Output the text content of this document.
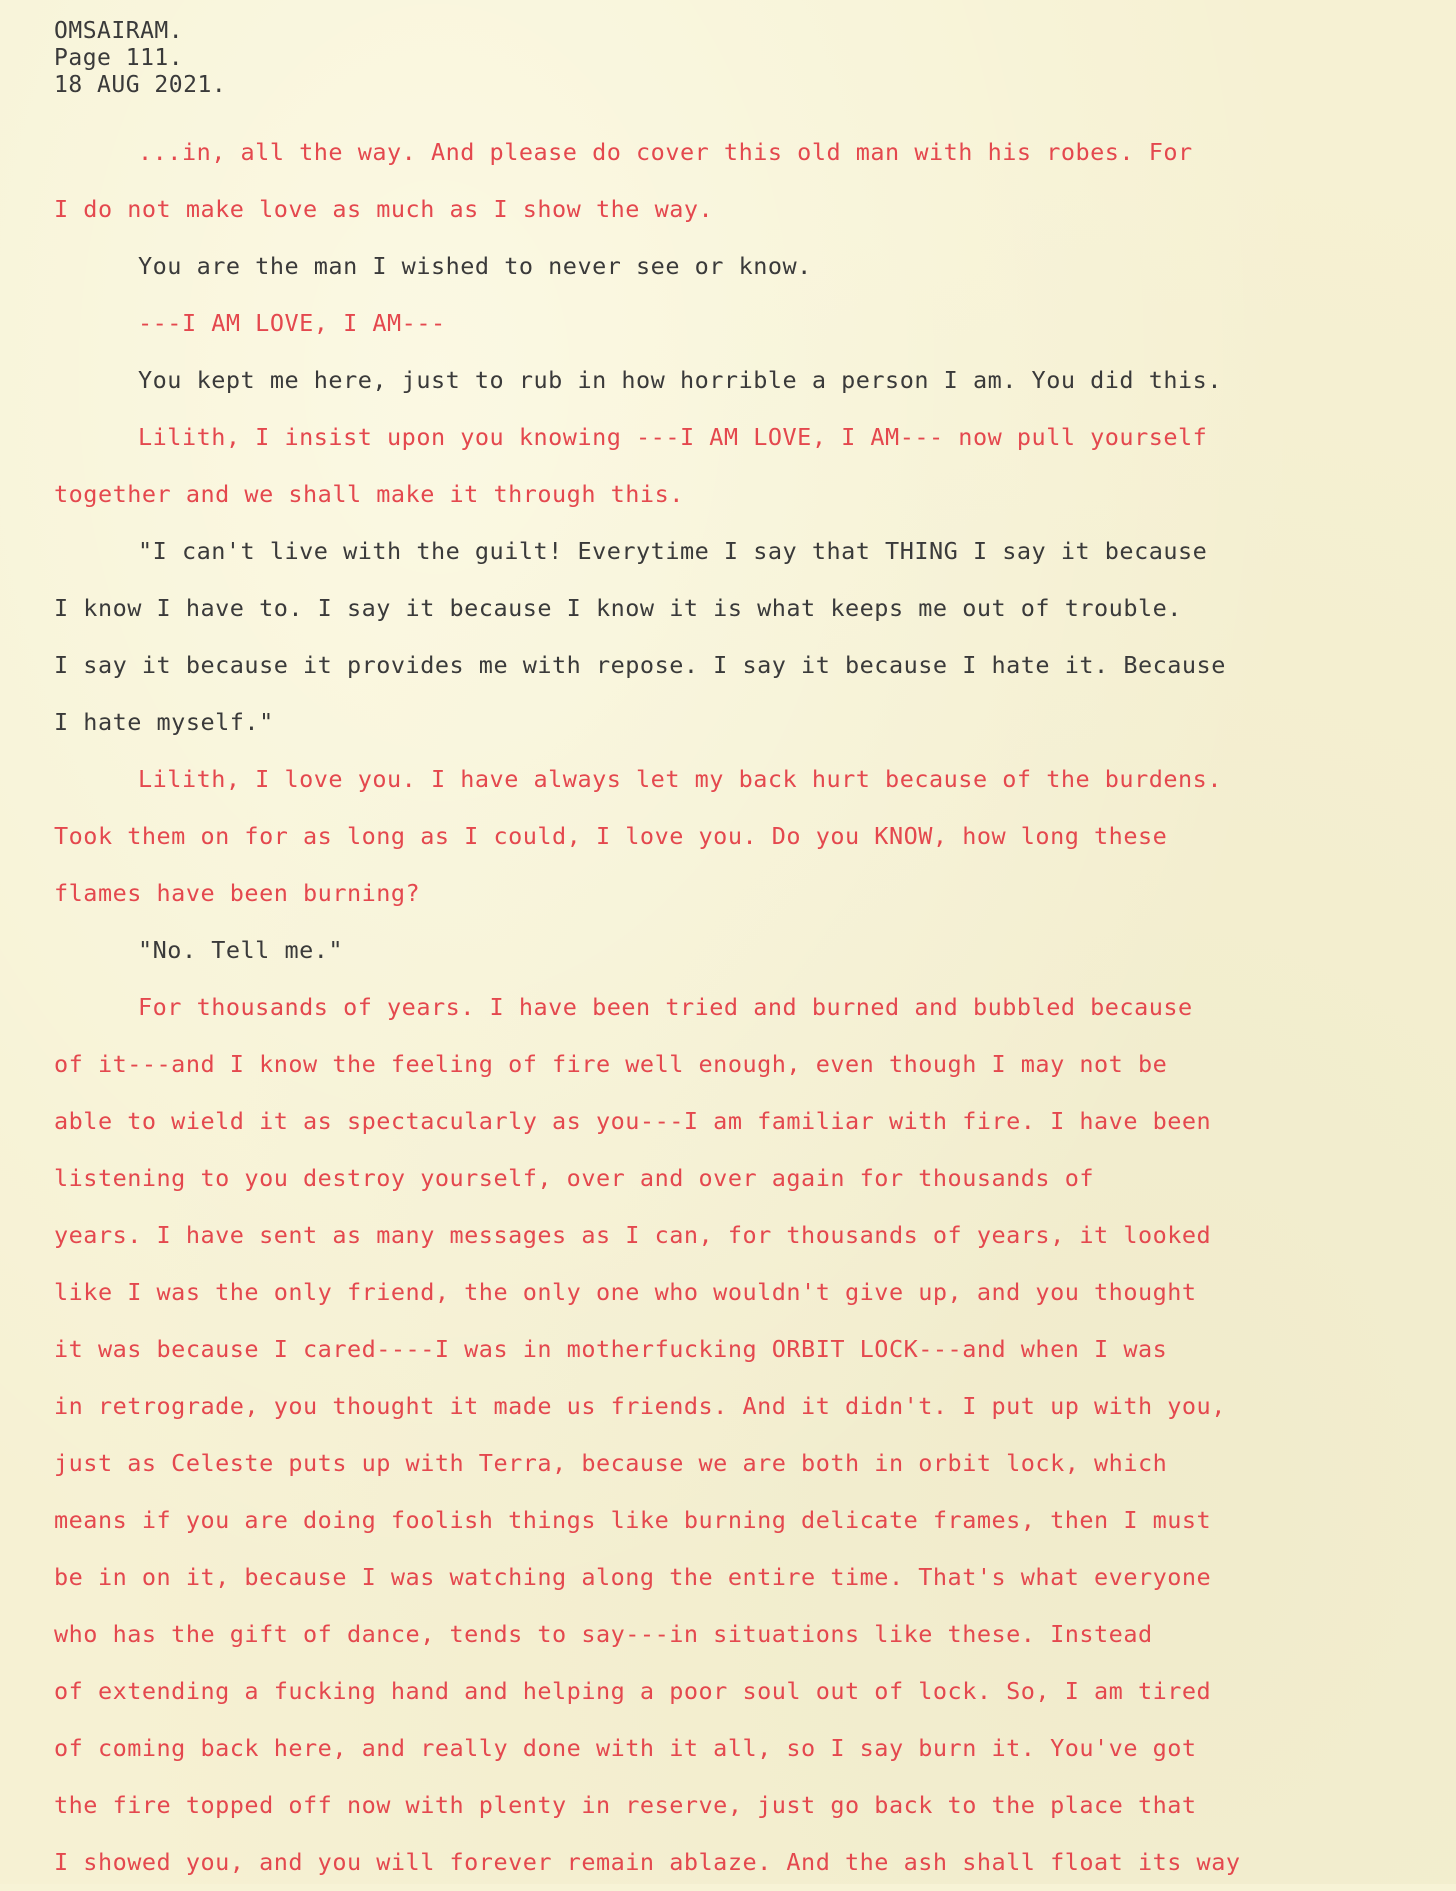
OMSAIRAM.
Page 111.
18 AUG 2021.
...in, all the way. And please do cover this old man with his robes. For
I do not make love as much as I show the way.
You are the man I wished to never see or know.
---I AM LOVE, I AM---
You kept me here, just to rub in how horrible a person I am. You did this.
Lilith, I insist upon you knowing ---I AM LOVE, I AM--- now pull yourself
together and we shall make it through this.
"I can't live with the guilt! Everytime I say that THING I say it because
I know I have to. I say it because I know it is what keeps me out of trouble.
I say it because it provides me with repose. I say it because I hate it. Because
I hate myself."
Lilith, I love you. I have always let my back hurt because of the burdens.
Took them on for as long as I could, I love you. Do you KNOW, how long these
flames have been burning?
"No. Tell me."
For thousands of years. I have been tried and burned and bubbled because
of it---and I know the feeling of fire well enough, even though I may not be
able to wield it as spectacularly as you---I am familiar with fire. I have been
listening to you destroy yourself, over and over again for thousands of
years. I have sent as many messages as I can, for thousands of years, it looked
like I was the only friend, the only one who wouldn't give up, and you thought
it was because I cared----I was in motherfucking ORBIT LOCK---and when I was
in retrograde, you thought it made us friends. And it didn't. I put up with you,
just as Celeste puts up with Terra, because we are both in orbit lock, which
means if you are doing foolish things like burning delicate frames, then I must
be in on it, because I was watching along the entire time. That's what everyone
who has the gift of dance, tends to say---in situations like these. Instead
of extending a fucking hand and helping a poor soul out of lock. So, I am tired
of coming back here, and really done with it all, so I say burn it. You've got
the fire topped off now with plenty in reserve, just go back to the place that
I showed you, and you will forever remain ablaze. And the ash shall float its way
